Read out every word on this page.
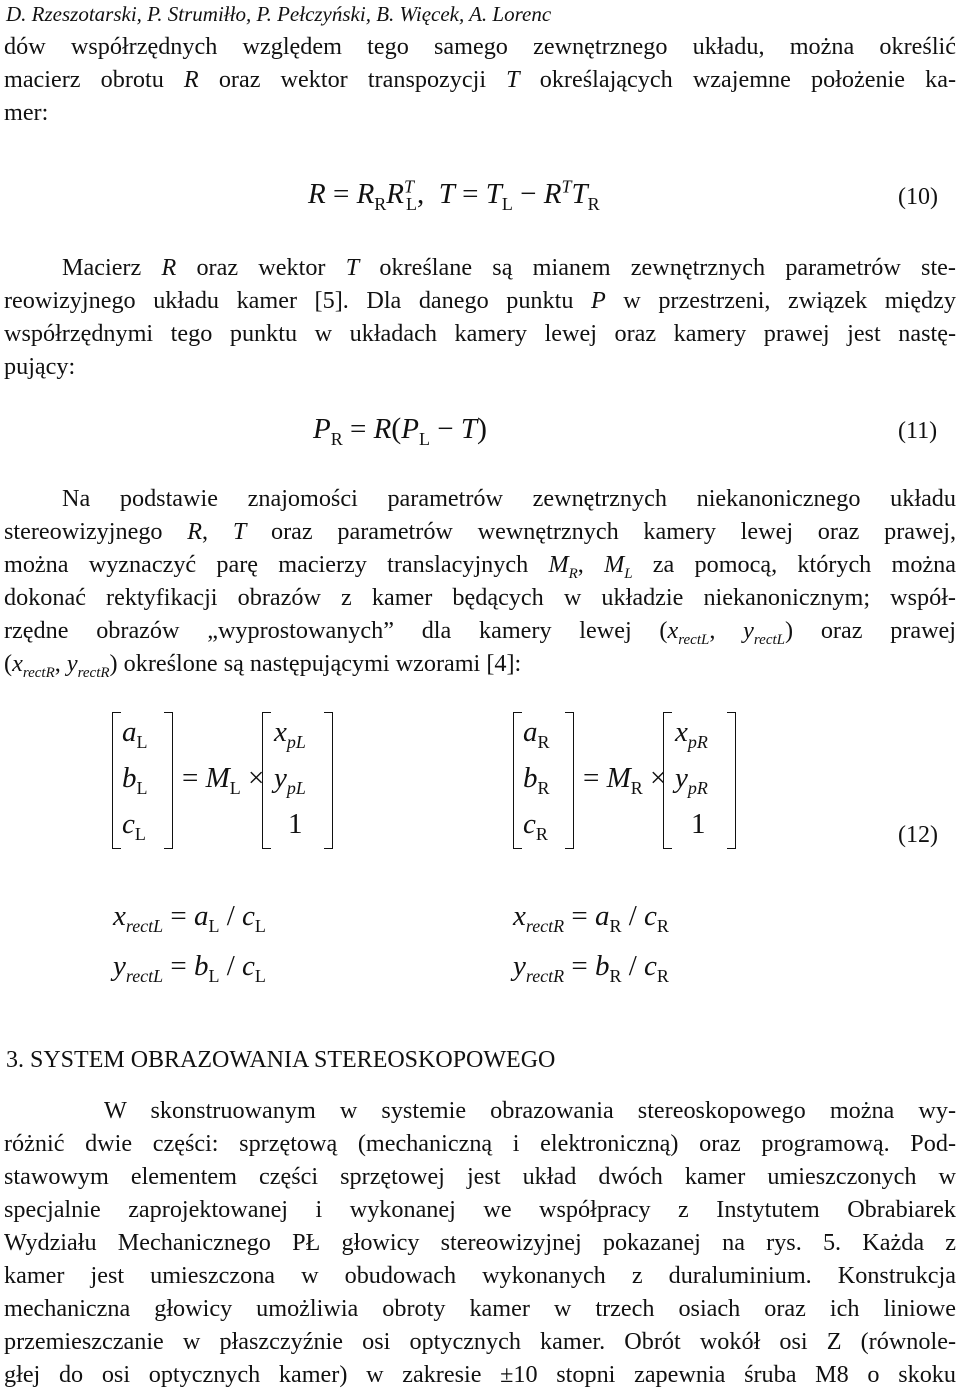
D. Rzeszotarski, P. Strumiłło, P. Pełczyński, B. Więcek, A. Lorenc
dów współrzędnych względem tego samego zewnętrznego układu, można określić
macierz obrotu R oraz wektor transpozycji T określających wzajemne położenie ka-
mer:
$R = R_RR^T_L$,  $T = T_L - R^TT_R$	(10)
Macierz R oraz wektor T określane są mianem zewnętrznych parametrów ste-
reowizyjnego układu kamer [5]. Dla danego punktu P w przestrzeni, związek między
współrzędnymi tego punktu w układach kamery lewej oraz kamery prawej jest nastę-
pujący:
$P_R = R(P_L - T)$	(11)
Na podstawie znajomości parametrów zewnętrznych niekanonicznego układu
stereowizyjnego R, T oraz parametrów wewnętrznych kamery lewej oraz prawej,
można wyznaczyć parę macierzy translacyjnych $M_R$, $M_L$ za pomocą, których można
dokonać rektyfikacji obrazów z kamer będących w układzie niekanonicznym; współ-
rzędne obrazów „wyprostowanych” dla kamery lewej ($x_{rectL}$, $y_{rectL}$) oraz prawej
($x_{rectR}$, $y_{rectR}$) określone są następującymi wzorami [4]:
$a_L$
$b_L$
$c_L$
= $M_L$ ×
$x_{pL}$
$y_{pL}$
1
$a_R$
$b_R$
$c_R$
= $M_R$ ×
$x_{pR}$
$y_{pR}$
1	(12)
$x_{rectL} = a_L / c_L$
$y_{rectL} = b_L / c_L$
$x_{rectR} = a_R / c_R$
$y_{rectR} = b_R / c_R$
3. SYSTEM OBRAZOWANIA STEREOSKOPOWEGO
W skonstruowanym w systemie obrazowania stereoskopowego można wy-
różnić dwie części: sprzętową (mechaniczną i elektroniczną) oraz programową. Pod-
stawowym elementem części sprzętowej jest układ dwóch kamer umieszczonych w
specjalnie zaprojektowanej i wykonanej we współpracy z Instytutem Obrabiarek
Wydziału Mechanicznego PŁ głowicy stereowizyjnej pokazanej na rys. 5. Każda z
kamer jest umieszczona w obudowach wykonanych z duraluminium. Konstrukcja
mechaniczna głowicy umożliwia obroty kamer w trzech osiach oraz ich liniowe
przemieszczanie w płaszczyźnie osi optycznych kamer. Obrót wokół osi Z (równole-
głej do osi optycznych kamer) w zakresie ±10 stopni zapewnia śruba M8 o skoku
